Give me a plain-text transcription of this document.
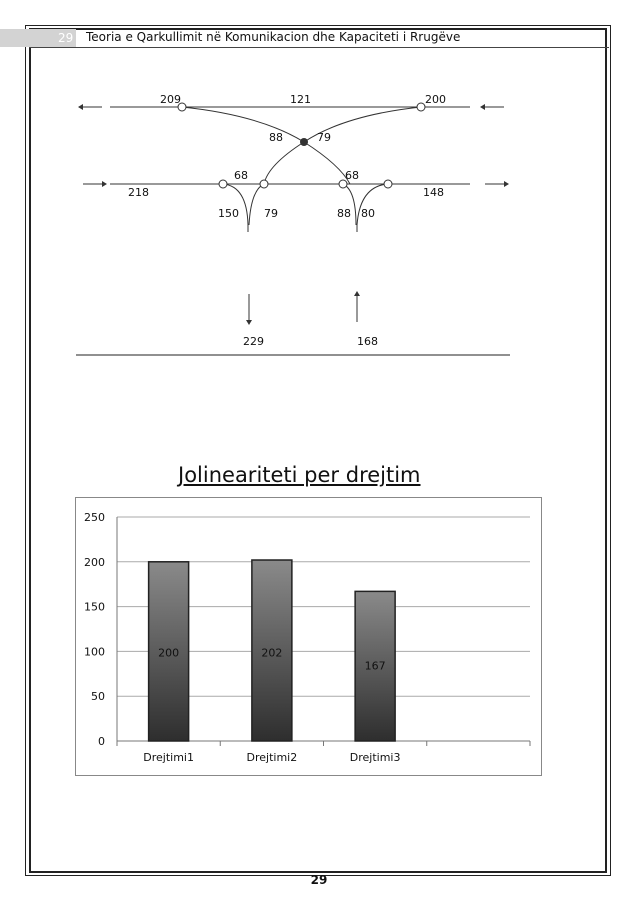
29 Teoria e Qarkullimit në Komunikacion dhe Kapaciteti i Rrugëve
209	121	200
88	79
68	68
218	148
150 79	88 80
229	168
Jolineariteti per drejtim
200	202
167
0
50
100
150
200
250
Drejtimi1	Drejtimi2	Drejtimi3
29
